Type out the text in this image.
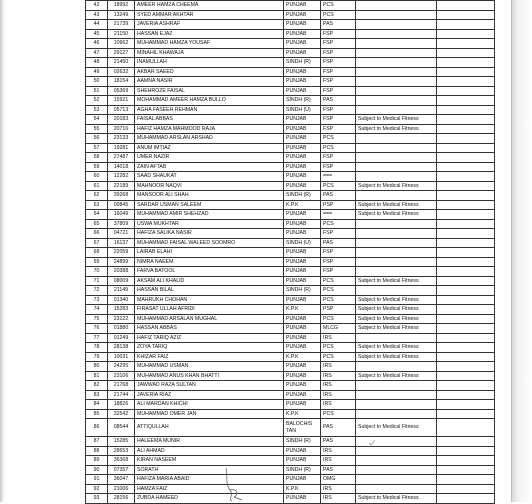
42	18992	AMEER HAMZA CHEEMA	PUNJAB	PCS		
43	13249	SYED AMMAR AKHTAR	PUNJAB	PCS		
44	21739	JAVERIA ASHRAF	PUNJAB	PAS		
45	21150	HASSAN EJAZ	PUNJAB	FSP		
46	10962	MUHAMMAD HAMZA YOUSAF	PUNJAB	FSP		
47	29127	MINAHIL KHAWAJA	PUNJAB	FSP		
48	21450	INAMULLAH	SINDH (R)	FSP		
49	02632	AKBAR SAEED	PUNJAB	FSP		
50	18154	AAMNA NASIR	PUNJAB	FSP		
51	05369	SHEHROZE FAISAL	PUNJAB	FSP		
52	15921	MOHAMMAD AMEER HAMZA BULLO	SINDH (R)	PAS		
53	05713	AGHA FASEEH REHMAN	SINDH (U)	FSP		
54	20183	FAISAL ABBAS	PUNJAB	FSP	Subject to Medical Fitness	
55	20716	HAFIZ HAMZA MAHMOOD RAJA	PUNJAB	FSP	Subject to Medical Fitness	
56	23133	MUHAMMAD ARSLAN ARSHAD	PUNJAB	PCS		
57	19281	ANUM IMTIAZ	PUNJAB	PCS		
58	27487	UMER NAZIR	PUNJAB	FSP		
59	14018	ZAIN AFTAB	PUNJAB	FSP		
60	12282	SAAD SHAUKAT	PUNJAB	===		
61	22189	MAHNOOR NAQVI	PUNJAB	PCS	Subject to Medical Fitness	
62	39268	MANSOOR ALI SHAH	SINDH (R)	PAS		
63	00845	SARDAR USMAN SALEEM	K.P.K	PSP	Subject to Medical Fitness	
64	16049	MUHAMMAD AMIR SHEHZAD	PUNJAB	===	Subject to Medical Fitness	
65	37809	USWA MUKHTAR	PUNJAB	PCS		
66	04721	HAFIZA SALIKA NASIR	PUNJAB	FSP		
67	16137	MUHAMMAD FAISAL WALEED SOOMRO	SINDH (U)	PAS		
68	22059	LAIRAB ELAHI	PUNJAB	FSP		
69	24899	NIMRA NAEEM	PUNJAB	FSP		
70	20388	FARVA BATOOL	PUNJAB	FSP		
71	08009	AKSAM ALI KHALID	PUNJAB	PCS	Subject to Medical Fitness	
72	21149	HASSAN BILAL	SINDH (R)	PCS		
73	01340	MAHRUKH CHOHAN	PUNJAB	PCS	Subject to Medical Fitness	
74	15283	FIRASAT ULLAH AFRIDI	K.P.K	PSP	Subject to Medical Fitness	
75	23122	MUHAMMAD ARSALAN MUGHAL	PUNJAB	PCS	Subject to Medical Fitness	
76	01880	HASSAN ABBAS	PUNJAB	MLCG	Subject to Medical Fitness	
77	01249	HAFIZ TARIQ AZIZ	PUNJAB	IRS		
78	28138	ZOYA TARIQ	PUNJAB	PCS	Subject to Medical Fitness	
79	10031	KHIZAR FAIZ	K.P.K	PCS	Subject to Medical Fitness	
80	24295	MUHAMMAD USMAN	PUNJAB	IRS		
81	23106	MUHAMMAD ANUS KHAN BHATTI	PUNJAB	IRS	Subject to Medical Fitness	
82	21768	JAWWAD RAZA SULTAN	PUNJAB	IRS		
83	21744	JAVERIA RIAZ	PUNJAB	IRS		
84	18826	ALI MARDAN KHICHI	PUNJAB	IRS		
85	32542	MUHAMMAD OMER JAN	K.P.K	PCS		
86	08544	ATTIQULLAH	BALOCHIS TAN	PAS	Subject to Medical Fitness	
87	15285	HALEEMA MUNIR	SINDH (R)	PAS		
88	28653	ALI AHMAD	PUNJAB	IRS		
89	36368	KIRAN NASEEM	PUNJAB	IRS		
90	07357	SORATH	SINDH (R)	PAS		
91	36047	HAFIZA MARIA ABAID	PUNJAB	OMG		
92	21006	HAMZA FAIZ	K.P.K	IRS		
93	28156	ZUBDA HAMEED	PUNJAB	IRS	Subject to Medical Fitness	
